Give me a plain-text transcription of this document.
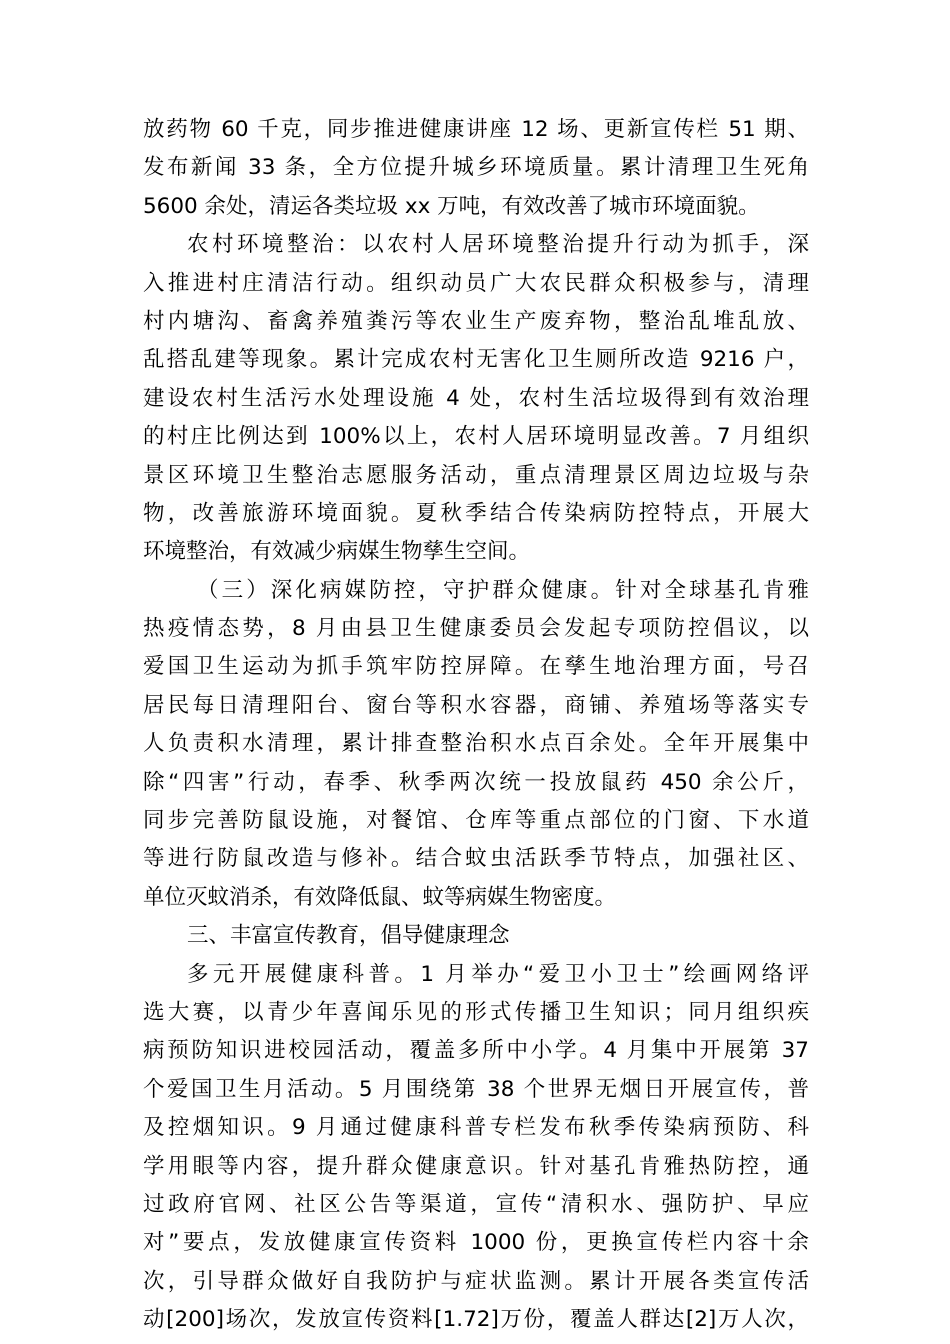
放药物 60 千克，同步推进健康讲座 12 场、更新宣传栏 51 期、
发布新闻 33 条，全方位提升城乡环境质量。累计清理卫生死角
5600 余处，清运各类垃圾 xx 万吨，有效改善了城市环境面貌。
农村环境整治：以农村人居环境整治提升行动为抓手，深
入推进村庄清洁行动。组织动员广大农民群众积极参与，清理
村内塘沟、畜禽养殖粪污等农业生产废弃物，整治乱堆乱放、
乱搭乱建等现象。累计完成农村无害化卫生厕所改造 9216 户，
建设农村生活污水处理设施 4 处，农村生活垃圾得到有效治理
的村庄比例达到 100%以上，农村人居环境明显改善。7 月组织
景区环境卫生整治志愿服务活动，重点清理景区周边垃圾与杂
物，改善旅游环境面貌。夏秋季结合传染病防控特点，开展大
环境整治，有效减少病媒生物孳生空间。
（三）深化病媒防控，守护群众健康。针对全球基孔肯雅
热疫情态势，8 月由县卫生健康委员会发起专项防控倡议，以
爱国卫生运动为抓手筑牢防控屏障。在孳生地治理方面，号召
居民每日清理阳台、窗台等积水容器，商铺、养殖场等落实专
人负责积水清理，累计排查整治积水点百余处。全年开展集中
除“四害”行动，春季、秋季两次统一投放鼠药 450 余公斤，
同步完善防鼠设施，对餐馆、仓库等重点部位的门窗、下水道
等进行防鼠改造与修补。结合蚊虫活跃季节特点，加强社区、
单位灭蚊消杀，有效降低鼠、蚊等病媒生物密度。
三、丰富宣传教育，倡导健康理念
多元开展健康科普。1 月举办“爱卫小卫士”绘画网络评
选大赛，以青少年喜闻乐见的形式传播卫生知识；同月组织疾
病预防知识进校园活动，覆盖多所中小学。4 月集中开展第 37
个爱国卫生月活动。5 月围绕第 38 个世界无烟日开展宣传，普
及控烟知识。9 月通过健康科普专栏发布秋季传染病预防、科
学用眼等内容，提升群众健康意识。针对基孔肯雅热防控，通
过政府官网、社区公告等渠道，宣传“清积水、强防护、早应
对”要点，发放健康宣传资料 1000 份，更换宣传栏内容十余
次，引导群众做好自我防护与症状监测。累计开展各类宣传活
动[200]场次，发放宣传资料[1.72]万份，覆盖人群达[2]万人次，
